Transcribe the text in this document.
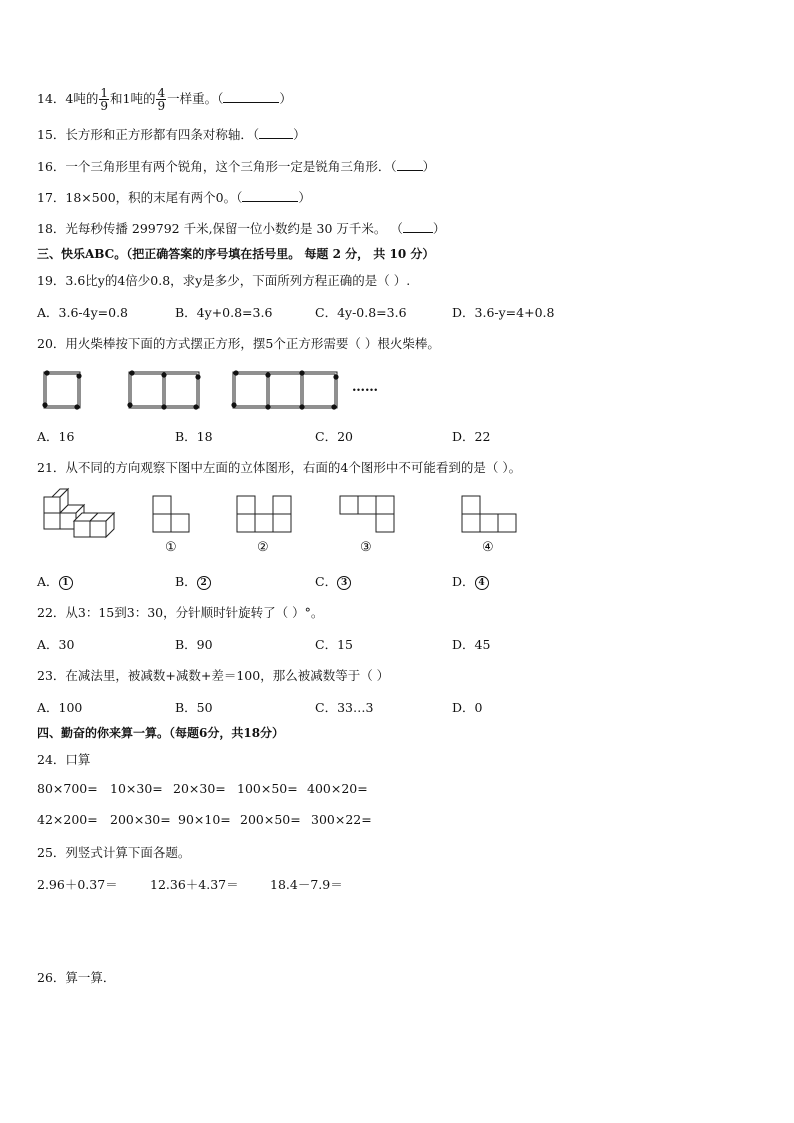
14．4吨的 $\frac{1}{9}$ 和1吨的 $\frac{4}{9}$ 一样重。（	）
15．长方形和正方形都有四条对称轴．（	）
16．一个三角形里有两个锐角，这个三角形一定是锐角三角形．（ ）
17．18×500，积的末尾有两个0。（	）
18．光每秒传播 299792 千米,保留一位小数约是 30 万千米。 （ ）
三、快乐ABC。（把正确答案的序号填在括号里。 每题 2 分， 共 10 分）
19．3.6比y的4倍少0.8，求y是多少，下面所列方程正确的是（ ）.
A．3.6-4y=0.8	B．4y+0.8=3.6	C．4y-0.8=3.6	D．3.6-y=4+0.8
20．用火柴棒按下面的方式摆正方形，摆5个正方形需要（ ）根火柴棒。
……
A．16	B．18	C．20	D．22
21．从不同的方向观察下图中左面的立体图形，右面的4个图形中不可能看到的是（ ）。
①	②	③	④
A． 1	B． 2	C． 3	D． 4
22．从3：15到3：30，分针顺时针旋转了（ ）°。
A．30	B．90	C．15	D．45
23．在减法里，被减数+减数+差＝100，那么被减数等于（ ）
A．100	B．50	C．33…3	D．0
四、勤奋的你来算一算。（每题6分，共18分）
24．口算
80×700= 10×30= 20×30= 100×50= 400×20=
42×200= 200×30= 90×10= 200×50= 300×22=
25．列竖式计算下面各题。
2.96＋0.37＝	12.36＋4.37＝	18.4－7.9＝
26．算一算．
